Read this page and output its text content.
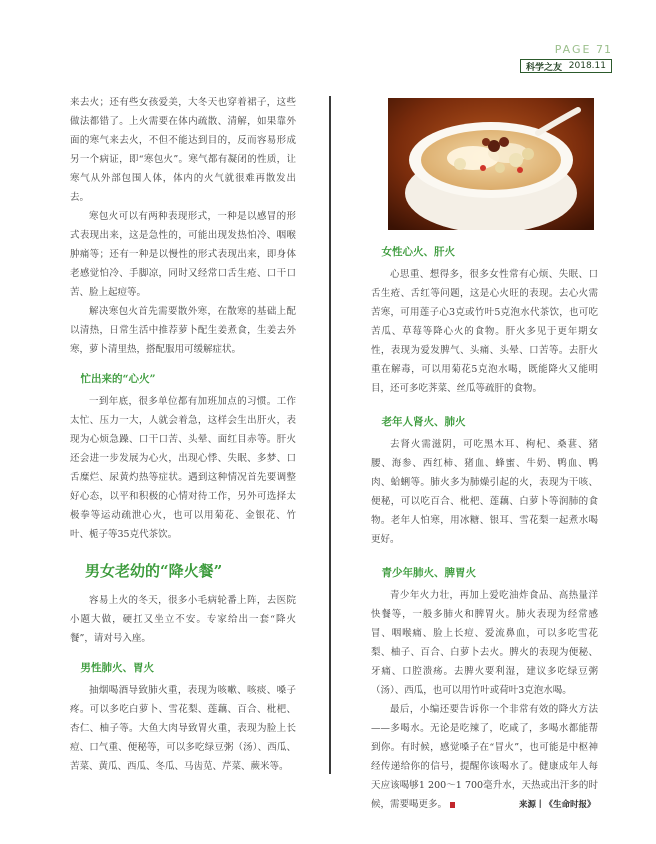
PAGE 71
科学之友 2018.11

来去火；还有些女孩爱美，大冬天也穿着裙子，这些做法都错了。上火需要在体内疏散、清解，如果靠外面的寒气来去火，不但不能达到目的，反而容易形成另一个病证，即“寒包火”。寒气都有凝闭的性质，让寒气从外部包围人体，体内的火气就很难再散发出去。

寒包火可以有两种表现形式，一种是以感冒的形式表现出来，这是急性的，可能出现发热怕冷、咽喉肿痛等；还有一种是以慢性的形式表现出来，即身体老感觉怕冷、手脚凉，同时又经常口舌生疮、口干口苦、脸上起痘等。

解决寒包火首先需要散外寒，在散寒的基础上配以清热，日常生活中推荐萝卜配生姜煮食，生姜去外寒，萝卜清里热，搭配服用可缓解症状。

忙出来的“心火”

一到年底，很多单位都有加班加点的习惯。工作太忙、压力一大，人就会着急，这样会生出肝火，表现为心烦急躁、口干口苦、头晕、面红目赤等。肝火还会进一步发展为心火，出现心悸、失眠、多梦、口舌糜烂、尿黄灼热等症状。遇到这种情况首先要调整好心态，以平和积极的心情对待工作，另外可选择太极拳等运动疏泄心火，也可以用菊花、金银花、竹叶、栀子等35克代茶饮。

男女老幼的“降火餐”

容易上火的冬天，很多小毛病轮番上阵，去医院小题大做，硬扛又坐立不安。专家给出一套“降火餐”，请对号入座。

男性肺火、胃火

抽烟喝酒导致肺火重，表现为咳嗽、咳痰、嗓子疼。可以多吃白萝卜、雪花梨、莲藕、百合、枇杷、杏仁、柚子等。大鱼大肉导致胃火重，表现为脸上长痘、口气重、便秘等，可以多吃绿豆粥（汤）、西瓜、苦菜、黄瓜、西瓜、冬瓜、马齿苋、芹菜、蕨米等。

女性心火、肝火

心思重、想得多，很多女性常有心烦、失眠、口舌生疮、舌红等问题，这是心火旺的表现。去心火需苦寒，可用莲子心3克或竹叶5克泡水代茶饮，也可吃苦瓜、草莓等降心火的食物。肝火多见于更年期女性，表现为爱发脾气、头痛、头晕、口苦等。去肝火重在解毒，可以用菊花5克泡水喝，既能降火又能明目，还可多吃荠菜、丝瓜等疏肝的食物。

老年人肾火、肺火

去肾火需滋阴，可吃黑木耳、枸杞、桑葚、猪腰、海参、西红柿、猪血、蜂蜜、牛奶、鸭血、鸭肉、蛤蜊等。肺火多为肺燥引起的火，表现为干咳、便秘，可以吃百合、枇杷、莲藕、白萝卜等润肺的食物。老年人怕寒，用冰糖、银耳、雪花梨一起煮水喝更好。

青少年肺火、脾胃火

青少年火力壮，再加上爱吃油炸食品、高热量洋快餐等，一般多肺火和脾胃火。肺火表现为经常感冒、咽喉痛、脸上长痘、爱流鼻血，可以多吃雪花梨、柚子、百合、白萝卜去火。脾火的表现为便秘、牙痛、口腔溃疡。去脾火要利湿，建议多吃绿豆粥（汤）、西瓜，也可以用竹叶或荷叶3克泡水喝。

最后，小编还要告诉你一个非常有效的降火方法——多喝水。无论是吃辣了，吃咸了，多喝水都能帮到你。有时候，感觉嗓子在“冒火”，也可能是中枢神经传递给你的信号，提醒你该喝水了。健康成年人每天应该喝够1 200～1 700毫升水，天热或出汗多的时候，需要喝更多。	来源丨《生命时报》
